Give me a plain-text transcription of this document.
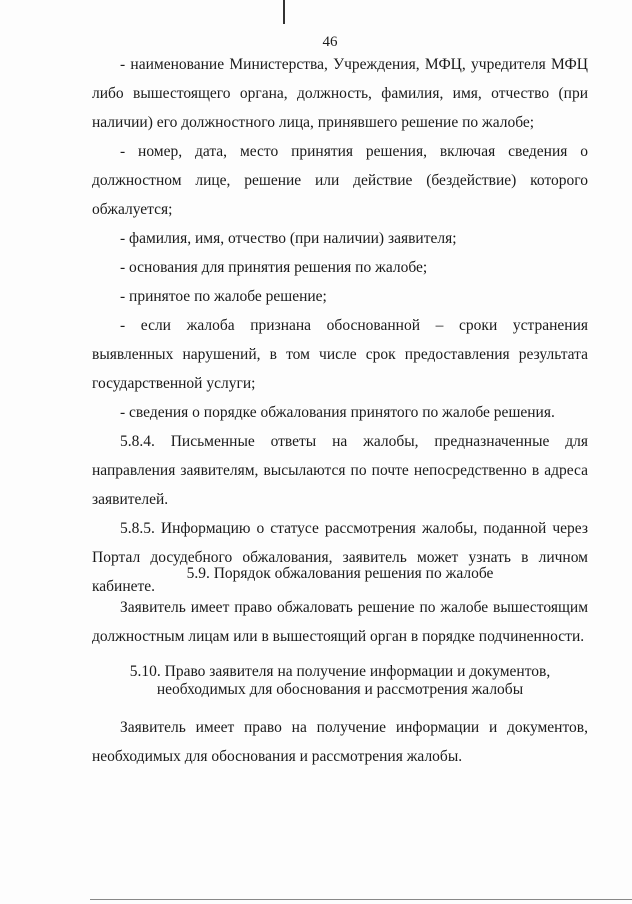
46

- наименование Министерства, Учреждения, МФЦ, учредителя МФЦ либо вышестоящего органа, должность, фамилия, имя, отчество (при наличии) его должностного лица, принявшего решение по жалобе;

- номер, дата, место принятия решения, включая сведения о должностном лице, решение или действие (бездействие) которого обжалуется;

- фамилия, имя, отчество (при наличии) заявителя;

- основания для принятия решения по жалобе;

- принятое по жалобе решение;

- если жалоба признана обоснованной – сроки устранения выявленных нарушений, в том числе срок предоставления результата государственной услуги;

- сведения о порядке обжалования принятого по жалобе решения.

5.8.4. Письменные ответы на жалобы, предназначенные для направления заявителям, высылаются по почте непосредственно в адреса заявителей.

5.8.5. Информацию о статусе рассмотрения жалобы, поданной через Портал досудебного обжалования, заявитель может узнать в личном кабинете.

5.9. Порядок обжалования решения по жалобе

Заявитель имеет право обжаловать решение по жалобе вышестоящим должностным лицам или в вышестоящий орган в порядке подчиненности.

5.10. Право заявителя на получение информации и документов,
необходимых для обоснования и рассмотрения жалобы

Заявитель имеет право на получение информации и документов, необходимых для обоснования и рассмотрения жалобы.
